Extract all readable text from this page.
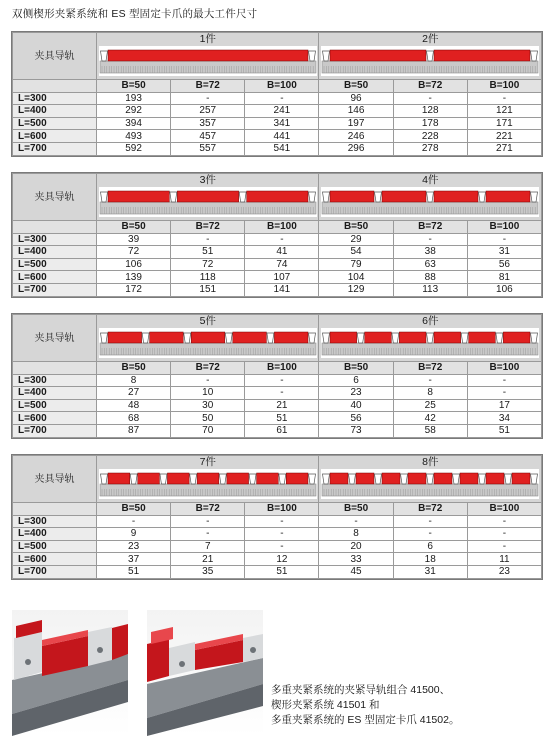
双侧楔形夹紧系统和 ES 型固定卡爪的最大工件尺寸
夹具导轨	1件			2件		

	B=50	B=72	B=100	B=50	B=72	B=100
L=300	193	-	-	96	-	-
L=400	292	257	241	146	128	121
L=500	394	357	341	197	178	171
L=600	493	457	441	246	228	221
L=700	592	557	541	296	278	271
夹具导轨	3件			4件		

	B=50	B=72	B=100	B=50	B=72	B=100
L=300	39	-	-	29	-	-
L=400	72	51	41	54	38	31
L=500	106	72	74	79	63	56
L=600	139	118	107	104	88	81
L=700	172	151	141	129	113	106
夹具导轨	5件			6件		

	B=50	B=72	B=100	B=50	B=72	B=100
L=300	8	-	-	6	-	-
L=400	27	10	-	23	8	-
L=500	48	30	21	40	25	17
L=600	68	50	51	56	42	34
L=700	87	70	61	73	58	51
夹具导轨	7件			8件		

	B=50	B=72	B=100	B=50	B=72	B=100
L=300	-	-	-	-	-	-
L=400	9	-	-	8	-	-
L=500	23	7	-	20	6	-
L=600	37	21	12	33	18	11
L=700	51	35	51	45	31	23
多重夹紧系统的夹紧导轨组合 41500、
楔形夹紧系统 41501 和
多重夹紧系统的 ES 型固定卡爪 41502。
